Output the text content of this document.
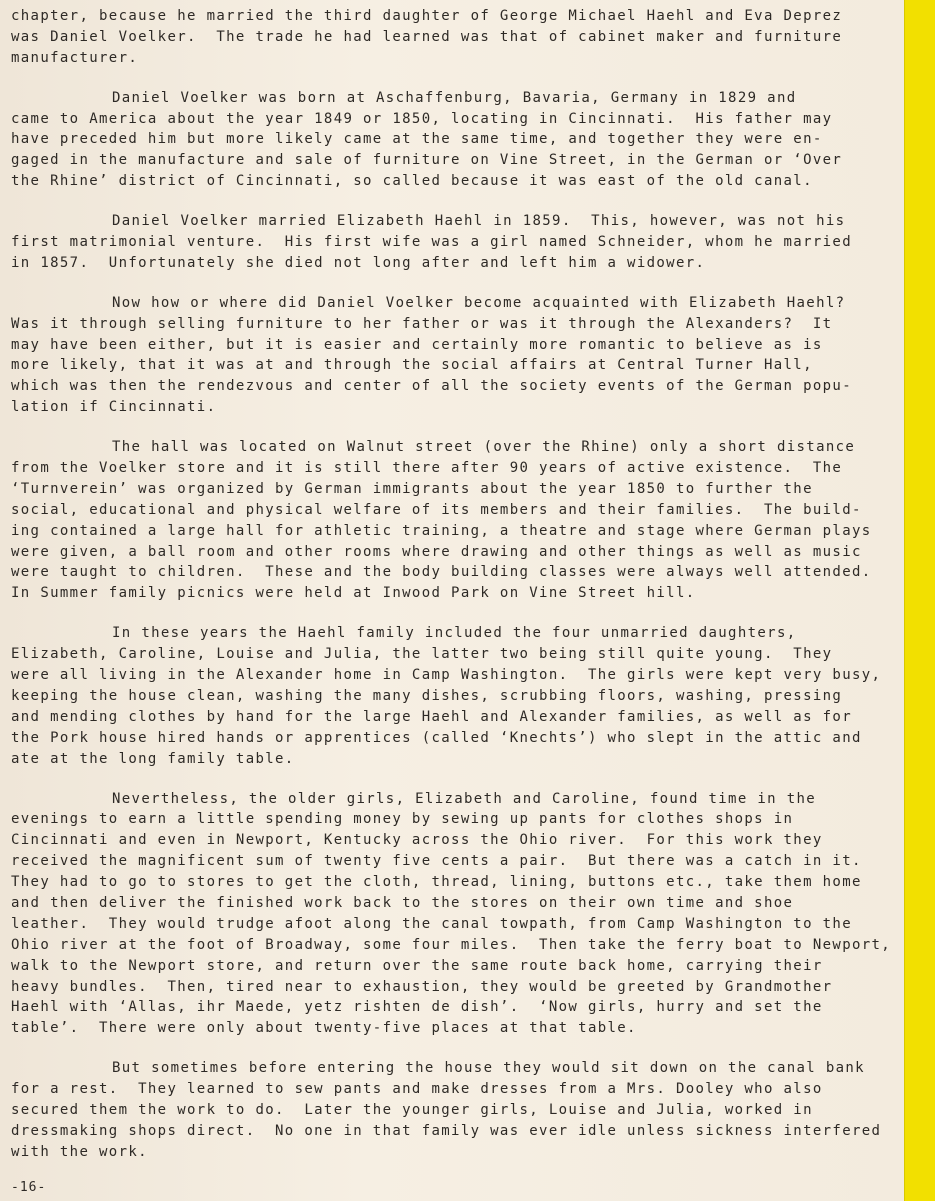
chapter, because he married the third daughter of George Michael Haehl and Eva Deprez
was Daniel Voelker.  The trade he had learned was that of cabinet maker and furniture
manufacturer.
Daniel Voelker was born at Aschaffenburg, Bavaria, Germany in 1829 and
came to America about the year 1849 or 1850, locating in Cincinnati.  His father may
have preceded him but more likely came at the same time, and together they were en-
gaged in the manufacture and sale of furniture on Vine Street, in the German or ‘Over
the Rhine’ district of Cincinnati, so called because it was east of the old canal.
Daniel Voelker married Elizabeth Haehl in 1859.  This, however, was not his
first matrimonial venture.  His first wife was a girl named Schneider, whom he married
in 1857.  Unfortunately she died not long after and left him a widower.
Now how or where did Daniel Voelker become acquainted with Elizabeth Haehl?
Was it through selling furniture to her father or was it through the Alexanders?  It
may have been either, but it is easier and certainly more romantic to believe as is
more likely, that it was at and through the social affairs at Central Turner Hall,
which was then the rendezvous and center of all the society events of the German popu-
lation if Cincinnati.
The hall was located on Walnut street (over the Rhine) only a short distance
from the Voelker store and it is still there after 90 years of active existence.  The
‘Turnverein’ was organized by German immigrants about the year 1850 to further the
social, educational and physical welfare of its members and their families.  The build-
ing contained a large hall for athletic training, a theatre and stage where German plays
were given, a ball room and other rooms where drawing and other things as well as music
were taught to children.  These and the body building classes were always well attended.
In Summer family picnics were held at Inwood Park on Vine Street hill.
In these years the Haehl family included the four unmarried daughters,
Elizabeth, Caroline, Louise and Julia, the latter two being still quite young.  They
were all living in the Alexander home in Camp Washington.  The girls were kept very busy,
keeping the house clean, washing the many dishes, scrubbing floors, washing, pressing
and mending clothes by hand for the large Haehl and Alexander families, as well as for
the Pork house hired hands or apprentices (called ‘Knechts’) who slept in the attic and
ate at the long family table.
Nevertheless, the older girls, Elizabeth and Caroline, found time in the
evenings to earn a little spending money by sewing up pants for clothes shops in
Cincinnati and even in Newport, Kentucky across the Ohio river.  For this work they
received the magnificent sum of twenty five cents a pair.  But there was a catch in it.
They had to go to stores to get the cloth, thread, lining, buttons etc., take them home
and then deliver the finished work back to the stores on their own time and shoe
leather.  They would trudge afoot along the canal towpath, from Camp Washington to the
Ohio river at the foot of Broadway, some four miles.  Then take the ferry boat to Newport,
walk to the Newport store, and return over the same route back home, carrying their
heavy bundles.  Then, tired near to exhaustion, they would be greeted by Grandmother
Haehl with ‘Allas, ihr Maede, yetz rishten de dish’.  ‘Now girls, hurry and set the
table’.  There were only about twenty-five places at that table.
But sometimes before entering the house they would sit down on the canal bank
for a rest.  They learned to sew pants and make dresses from a Mrs. Dooley who also
secured them the work to do.  Later the younger girls, Louise and Julia, worked in
dressmaking shops direct.  No one in that family was ever idle unless sickness interfered
with the work.
-16-
